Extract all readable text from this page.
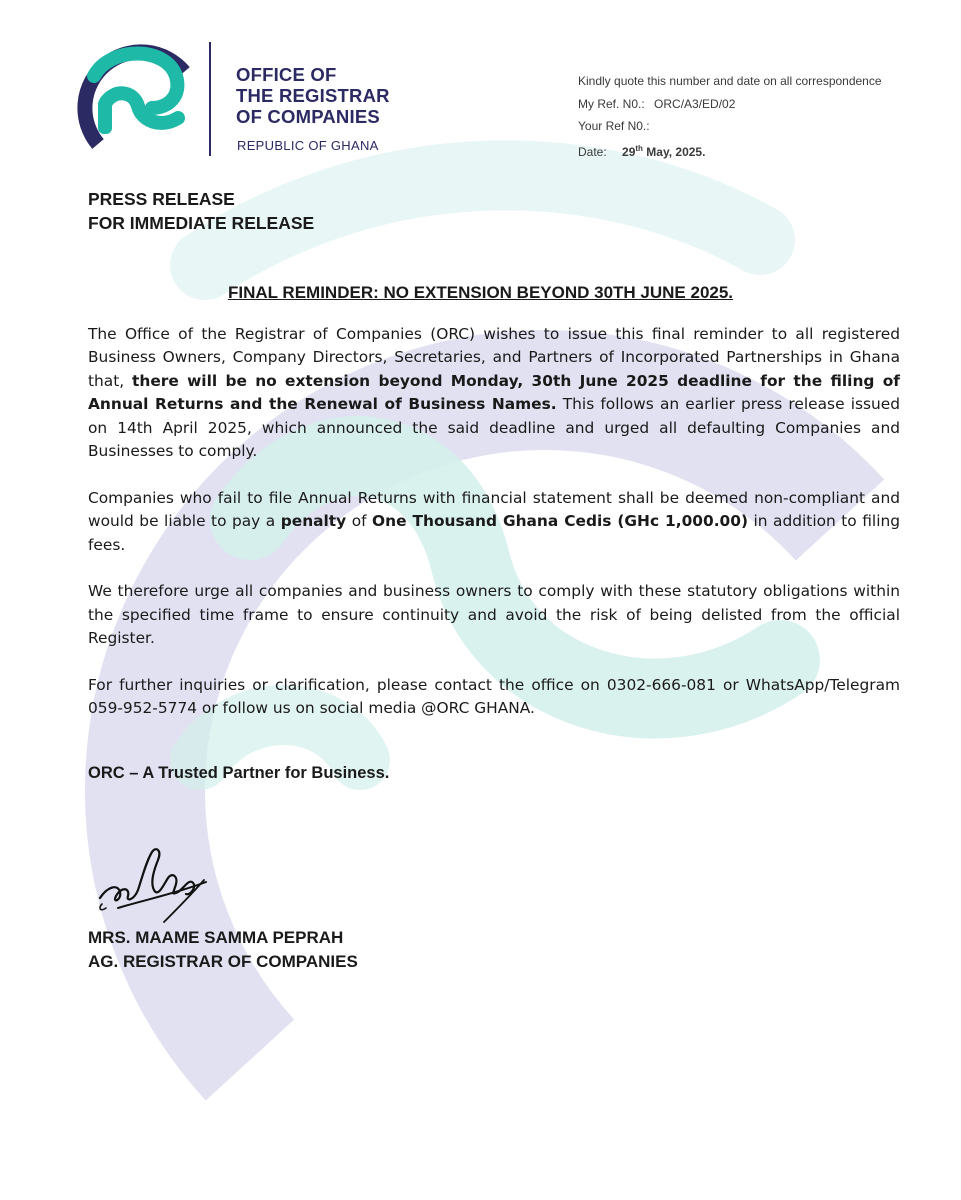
OFFICE OF
THE REGISTRAR
OF COMPANIES
REPUBLIC OF GHANA
Kindly quote this number and date on all correspondence
My Ref. N0.: ORC/A3/ED/02
Your Ref N0.:
Date: 29th May, 2025.
PRESS RELEASE
FOR IMMEDIATE RELEASE
FINAL REMINDER: NO EXTENSION BEYOND 30TH JUNE 2025.

The Office of the Registrar of Companies (ORC) wishes to issue this final reminder to all registered Business Owners, Company Directors, Secretaries, and Partners of Incorporated Partnerships in Ghana that, there will be no extension beyond Monday, 30th June 2025 deadline for the filing of Annual Returns and the Renewal of Business Names. This follows an earlier press release issued on 14th April 2025, which announced the said deadline and urged all defaulting Companies and Businesses to comply.

Companies who fail to file Annual Returns with financial statement shall be deemed non-compliant and would be liable to pay a penalty of One Thousand Ghana Cedis (GHc 1,000.00) in addition to filing fees.

We therefore urge all companies and business owners to comply with these statutory obligations within the specified time frame to ensure continuity and avoid the risk of being delisted from the official Register.

For further inquiries or clarification, please contact the office on 0302-666-081 or WhatsApp/Telegram 059-952-5774 or follow us on social media @ORC GHANA.

ORC – A Trusted Partner for Business.
MRS. MAAME SAMMA PEPRAH
AG. REGISTRAR OF COMPANIES
